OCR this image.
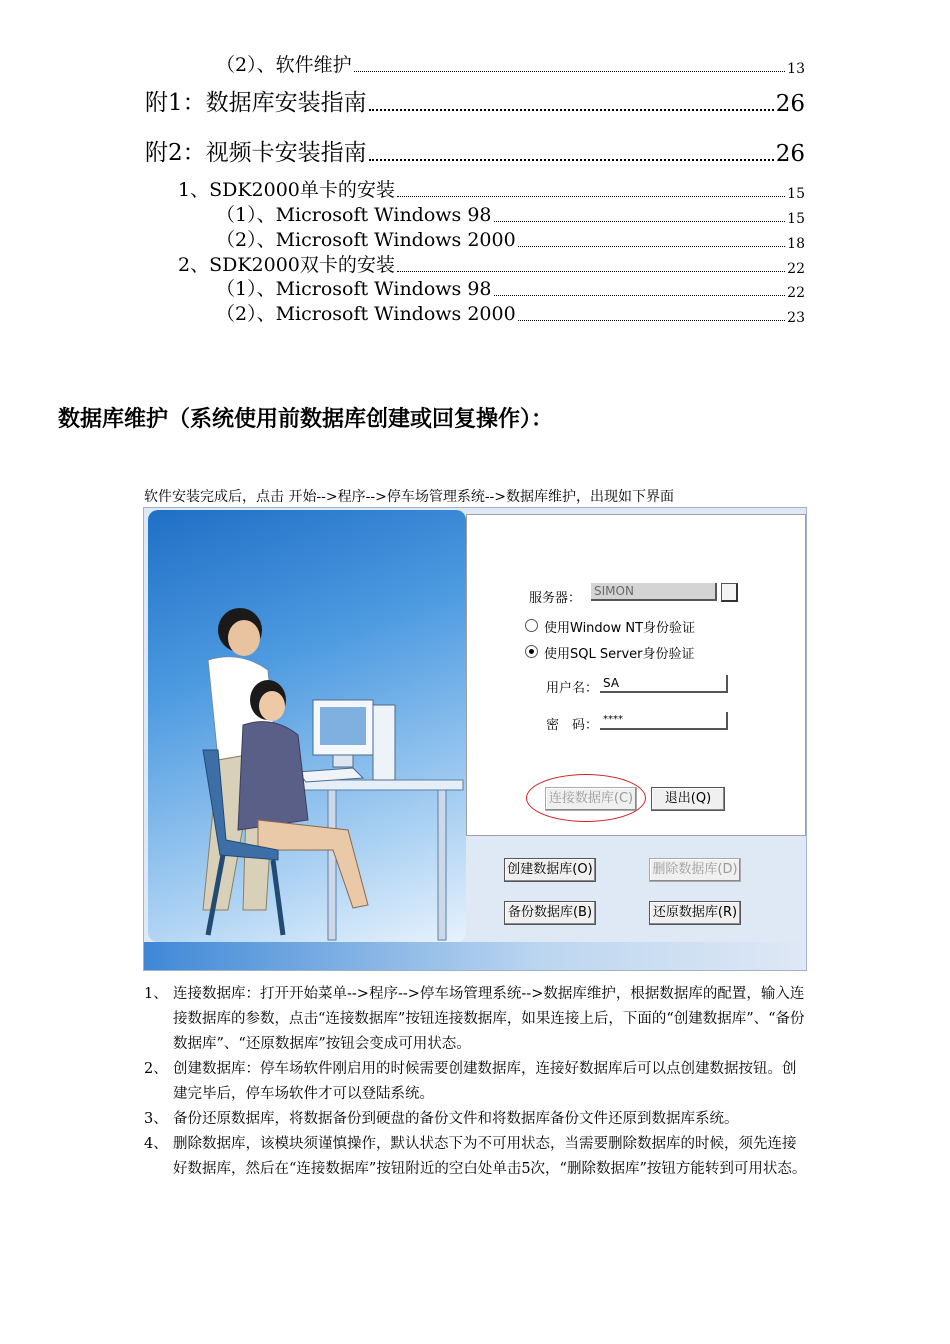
（2）、软件维护	13
附1：数据库安装指南	26
附2：视频卡安装指南	26
1、SDK2000单卡的安装	15
（1）、Microsoft Windows 98	15
（2）、Microsoft Windows 2000	18
2、SDK2000双卡的安装	22
（1）、Microsoft Windows 98	22
（2）、Microsoft Windows 2000	23
数据库维护（系统使用前数据库创建或回复操作）：
软件安装完成后，点击 开始-->程序-->停车场管理系统-->数据库维护，出现如下界面
服务器： SIMON
使用Window NT身份验证
使用SQL Server身份验证
用户名： SA
密　码： ****
连接数据库(C)	退出(Q)
创建数据库(O)	删除数据库(D)
备份数据库(B)	还原数据库(R)
1、 连接数据库：打开开始菜单-->程序-->停车场管理系统-->数据库维护，根据数据库的配置，输入连接数据库的参数，点击“连接数据库”按钮连接数据库，如果连接上后，下面的“创建数据库”、“备份数据库”、“还原数据库”按钮会变成可用状态。
2、 创建数据库：停车场软件刚启用的时候需要创建数据库，连接好数据库后可以点创建数据按钮。创建完毕后，停车场软件才可以登陆系统。
3、 备份还原数据库，将数据备份到硬盘的备份文件和将数据库备份文件还原到数据库系统。
4、 删除数据库，该模块须谨慎操作，默认状态下为不可用状态，当需要删除数据库的时候，须先连接好数据库，然后在“连接数据库”按钮附近的空白处单击5次，“删除数据库”按钮方能转到可用状态。
